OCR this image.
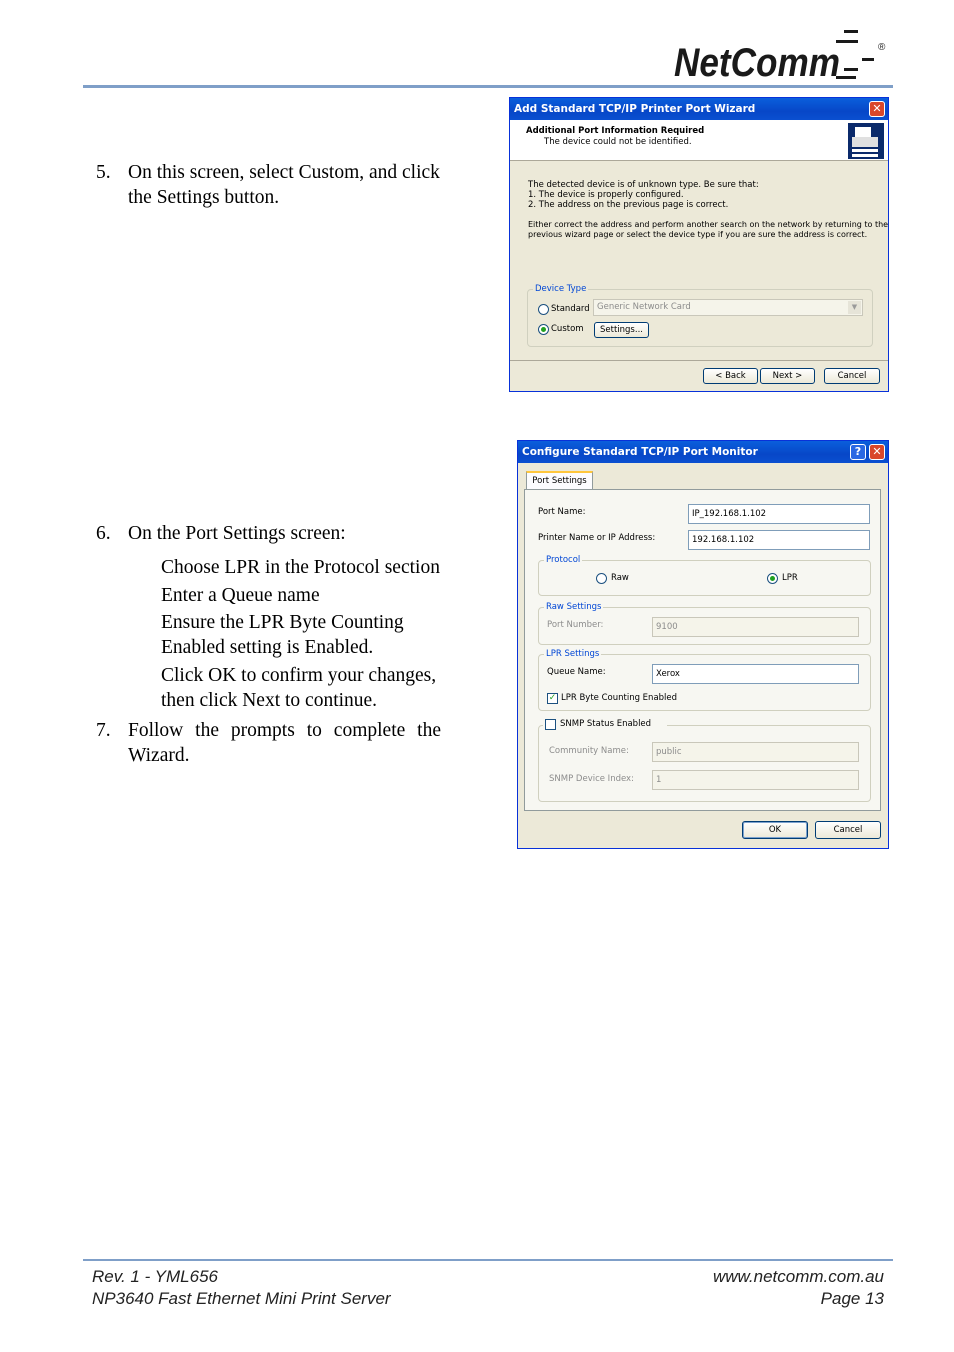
NetComm	®
5. On this screen, select Custom, and click the Settings button.
Add Standard TCP/IP Printer Port Wizard	✕
Additional Port Information Required
The device could not be identified.
The detected device is of unknown type. Be sure that:
1. The device is properly configured.
2. The address on the previous page is correct.
Either correct the address and perform another search on the network by returning to the
previous wizard page or select the device type if you are sure the address is correct.
Device Type
Standard Generic Network Card	▼
Custom	Settings...
< Back	Next >	Cancel
6. On the Port Settings screen:
Choose LPR in the Protocol section
Enter a Queue name
Ensure the LPR Byte Counting Enabled setting is Enabled.
Click OK to confirm your changes, then click Next to continue.
7. Follow the prompts to complete the Wizard.
Configure Standard TCP/IP Port Monitor	?	✕
Port Settings
Port Name:	IP_192.168.1.102
Printer Name or IP Address:	192.168.1.102
Protocol
Raw	LPR
Raw Settings
Port Number:	9100
LPR Settings
Queue Name:	Xerox
✓ LPR Byte Counting Enabled
SNMP Status Enabled
Community Name:	public
SNMP Device Index:	1
OK	Cancel
Rev. 1 - YML656
NP3640 Fast Ethernet Mini Print Server
www.netcomm.com.au
Page 13
